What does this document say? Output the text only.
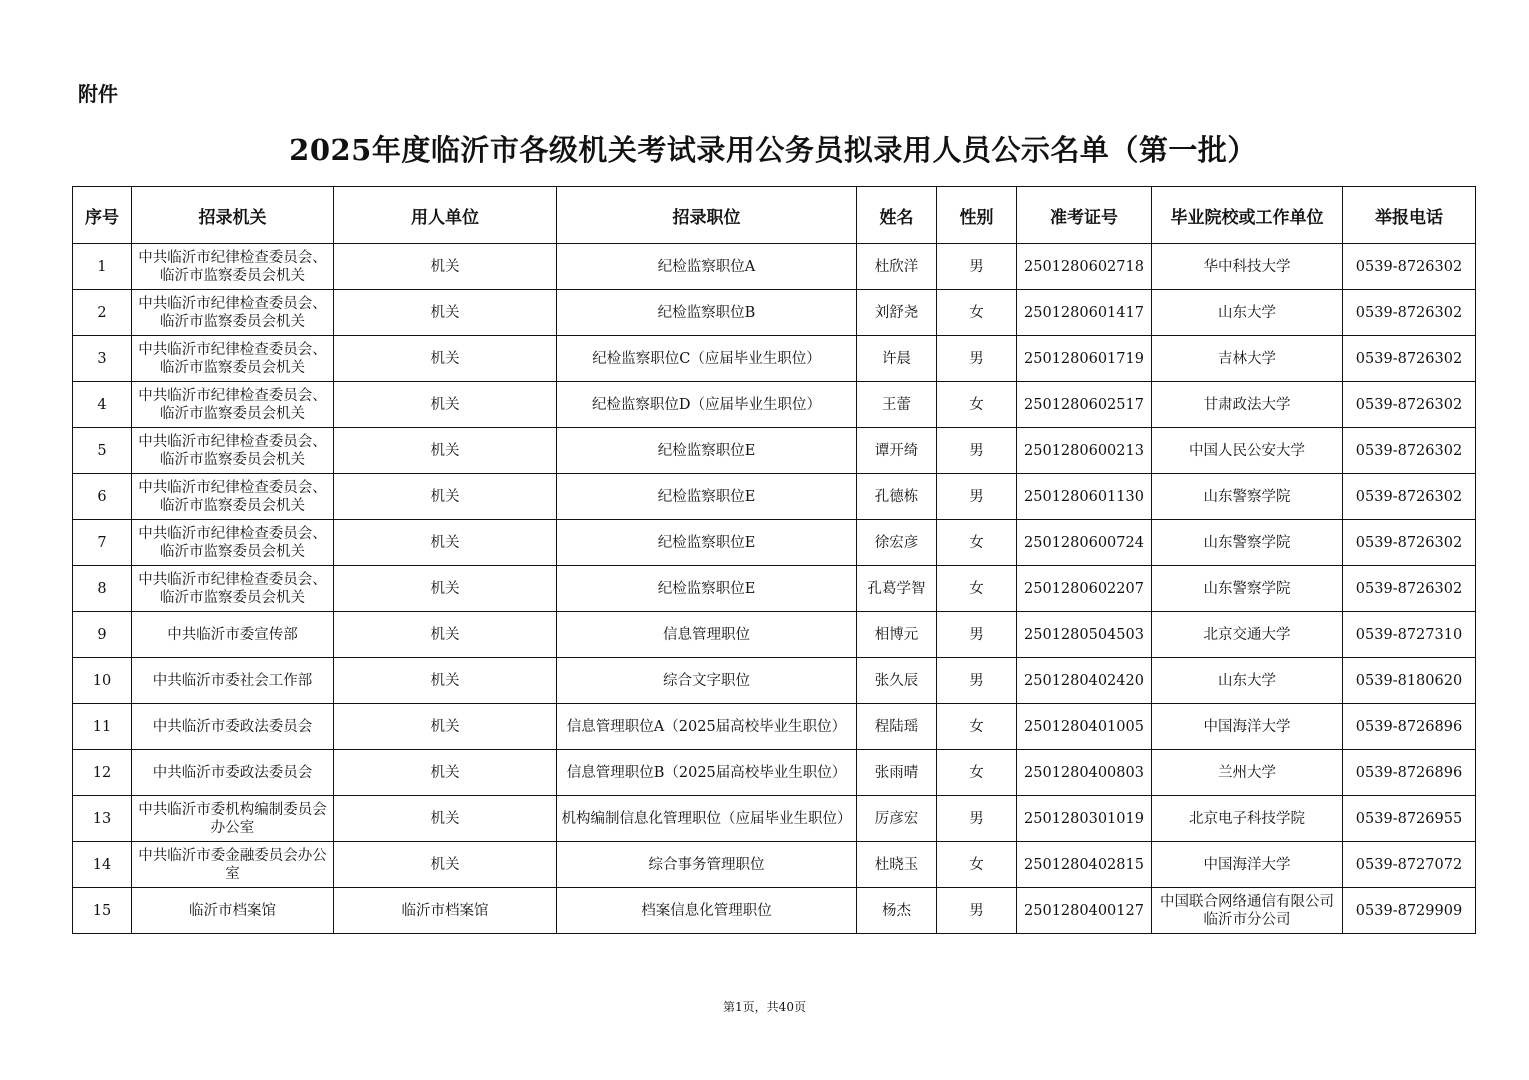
附件
2025年度临沂市各级机关考试录用公务员拟录用人员公示名单（第一批）
序号	招录机关	用人单位	招录职位	姓名	性别	准考证号	毕业院校或工作单位	举报电话
1	中共临沂市纪律检查委员会、临沂市监察委员会机关	机关	纪检监察职位A	杜欣洋	男	2501280602718	华中科技大学	0539-8726302
2	中共临沂市纪律检查委员会、临沂市监察委员会机关	机关	纪检监察职位B	刘舒尧	女	2501280601417	山东大学	0539-8726302
3	中共临沂市纪律检查委员会、临沂市监察委员会机关	机关	纪检监察职位C（应届毕业生职位）	许晨	男	2501280601719	吉林大学	0539-8726302
4	中共临沂市纪律检查委员会、临沂市监察委员会机关	机关	纪检监察职位D（应届毕业生职位）	王蕾	女	2501280602517	甘肃政法大学	0539-8726302
5	中共临沂市纪律检查委员会、临沂市监察委员会机关	机关	纪检监察职位E	谭开绮	男	2501280600213	中国人民公安大学	0539-8726302
6	中共临沂市纪律检查委员会、临沂市监察委员会机关	机关	纪检监察职位E	孔德栋	男	2501280601130	山东警察学院	0539-8726302
7	中共临沂市纪律检查委员会、临沂市监察委员会机关	机关	纪检监察职位E	徐宏彦	女	2501280600724	山东警察学院	0539-8726302
8	中共临沂市纪律检查委员会、临沂市监察委员会机关	机关	纪检监察职位E	孔葛学智	女	2501280602207	山东警察学院	0539-8726302
9	中共临沂市委宣传部	机关	信息管理职位	相博元	男	2501280504503	北京交通大学	0539-8727310
10	中共临沂市委社会工作部	机关	综合文字职位	张久辰	男	2501280402420	山东大学	0539-8180620
11	中共临沂市委政法委员会	机关	信息管理职位A（2025届高校毕业生职位）	程陆瑶	女	2501280401005	中国海洋大学	0539-8726896
12	中共临沂市委政法委员会	机关	信息管理职位B（2025届高校毕业生职位）	张雨晴	女	2501280400803	兰州大学	0539-8726896
13	中共临沂市委机构编制委员会办公室	机关	机构编制信息化管理职位（应届毕业生职位）	厉彦宏	男	2501280301019	北京电子科技学院	0539-8726955
14	中共临沂市委金融委员会办公室	机关	综合事务管理职位	杜晓玉	女	2501280402815	中国海洋大学	0539-8727072
15	临沂市档案馆	临沂市档案馆	档案信息化管理职位	杨杰	男	2501280400127	中国联合网络通信有限公司临沂市分公司	0539-8729909
第1页，共40页
